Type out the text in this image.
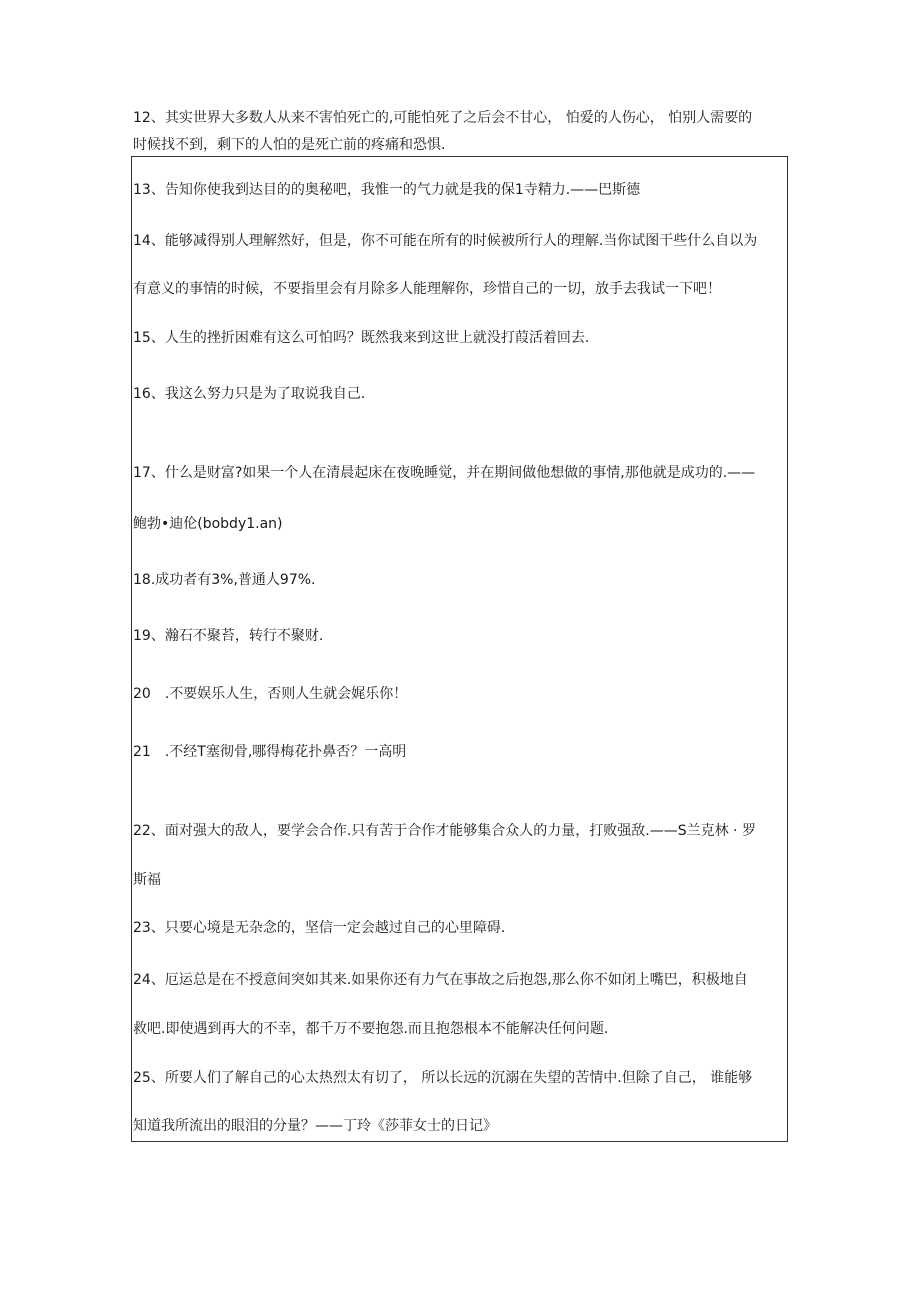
12、其实世界大多数人从来不害怕死亡的,可能怕死了之后会不甘心， 怕爱的人伤心， 怕别人需要的
时候找不到，剩下的人怕的是死亡前的疼痛和恐惧.
13、告知你使我到达目的的奥秘吧，我惟一的气力就是我的保1寺精力.——巴斯德
14、能够减得别人理解然好，但是，你不可能在所有的时候被所行人的理解.当你试图干些什么自以为
有意义的事情的时候，不要指里会有月除多人能理解你，珍惜自己的一切，放手去我试一下吧！
15、人生的挫折困难有这么可怕吗？既然我来到这世上就没打葭活着回去.
16、我这么努力只是为了取说我自己.
17、什么是财富?如果一个人在清晨起床在夜晚睡觉，并在期间做他想做的事情,那他就是成功的.——
鲍勃•迪伦(bobdy1.an)
18.成功者有3%,普通人97%.
19、瀚石不聚苔，转行不聚财.
20　.不要娱乐人生，否则人生就会娓乐你！
21　.不经T塞彻骨,哪得梅花扑鼻否？一高明
22、面对强大的敌人，要学会合作.只有苦于合作才能够集合众人的力量，打败强敌.——S兰克林 · 罗
斯福
23、只要心境是无杂念的，坚信一定会越过自己的心里障碍.
24、厄运总是在不授意间突如其来.如果你还有力气在事故之后抱怨,那么你不如闭上嘴巴，积极地自
救吧.即使遇到再大的不幸，都千万不要抱怨.而且抱怨根本不能解决任何问题.
25、所要人们了解自己的心太热烈太有切了， 所以长远的沉溺在失望的苦情中.但除了自己， 谁能够
知道我所流出的眼泪的分量？——丁玲《莎菲女士的日记》
